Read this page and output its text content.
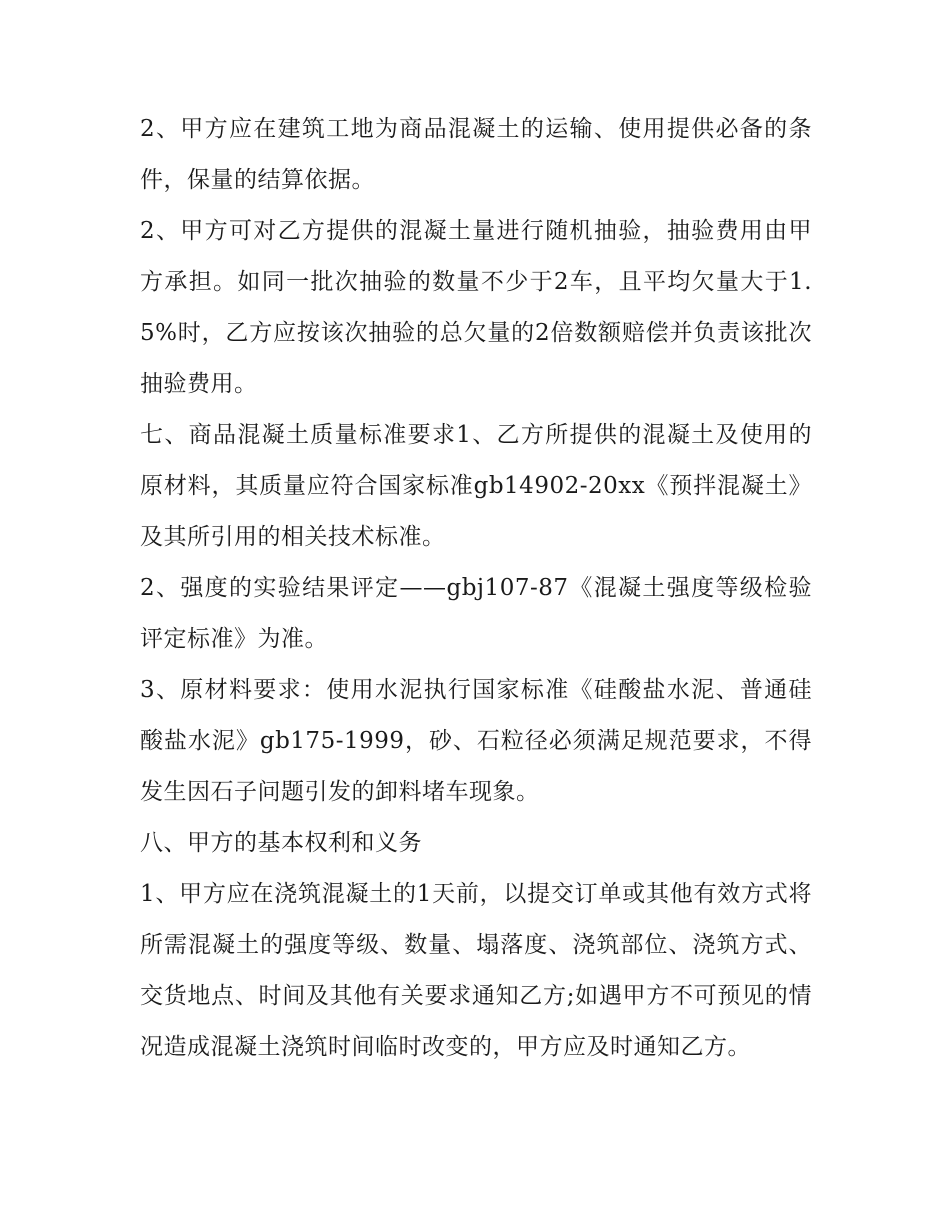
2、甲方应在建筑工地为商品混凝土的运输、使用提供必备的条件，保量的结算依据。

2、甲方可对乙方提供的混凝土量进行随机抽验，抽验费用由甲方承担。如同一批次抽验的数量不少于2车，且平均欠量大于1.5%时，乙方应按该次抽验的总欠量的2倍数额赔偿并负责该批次抽验费用。

七、商品混凝土质量标准要求1、乙方所提供的混凝土及使用的原材料，其质量应符合国家标准gb14902-20xx《预拌混凝土》及其所引用的相关技术标准。

2、强度的实验结果评定——gbj107-87《混凝土强度等级检验评定标准》为准。

3、原材料要求：使用水泥执行国家标准《硅酸盐水泥、普通硅酸盐水泥》gb175-1999，砂、石粒径必须满足规范要求，不得发生因石子问题引发的卸料堵车现象。

八、甲方的基本权利和义务

1、甲方应在浇筑混凝土的1天前，以提交订单或其他有效方式将所需混凝土的强度等级、数量、塌落度、浇筑部位、浇筑方式、交货地点、时间及其他有关要求通知乙方;如遇甲方不可预见的情况造成混凝土浇筑时间临时改变的，甲方应及时通知乙方。
